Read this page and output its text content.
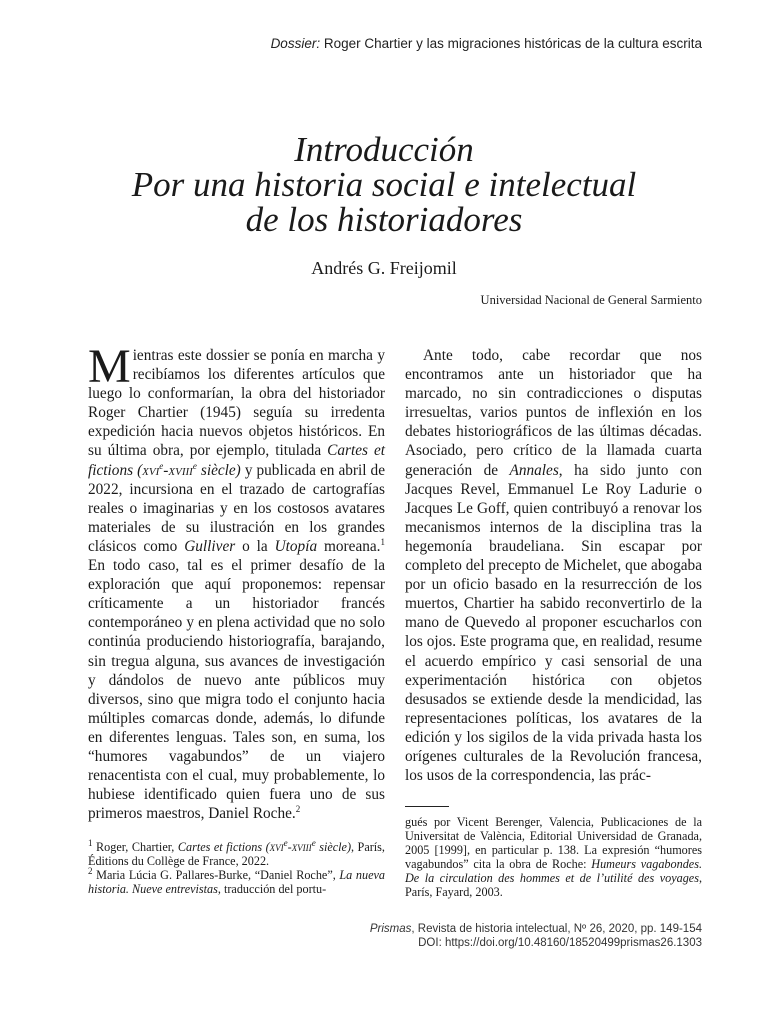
Dossier: Roger Chartier y las migraciones históricas de la cultura escrita
Introducción
Por una historia social e intelectual
de los historiadores
Andrés G. Freijomil
Universidad Nacional de General Sarmiento

Mientras este dossier se ponía en marcha y recibíamos los diferentes artículos que luego lo conformarían, la obra del historiador Roger Chartier (1945) seguía su irredenta expedición hacia nuevos objetos históricos. En su última obra, por ejemplo, titulada Cartes et fictions (xvi$^e$-xviii$^e$ siècle) y publicada en abril de 2022, incursiona en el trazado de cartografías reales o imaginarias y en los costosos avatares materiales de su ilustración en los grandes clásicos como Gulliver o la Utopía moreana.$^1$ En todo caso, tal es el primer desafío de la exploración que aquí proponemos: repensar críticamente a un historiador francés contemporáneo y en plena actividad que no solo continúa produciendo historiografía, barajando, sin tregua alguna, sus avances de investigación y dándolos de nuevo ante públicos muy diversos, sino que migra todo el conjunto hacia múltiples comarcas donde, además, lo difunde en diferentes lenguas. Tales son, en suma, los “humores vagabundos” de un viajero renacentista con el cual, muy probablemente, lo hubiese identificado quien fuera uno de sus primeros maestros, Daniel Roche.$^2$

Ante todo, cabe recordar que nos encontramos ante un historiador que ha marcado, no sin contradicciones o disputas irresueltas, varios puntos de inflexión en los debates historiográficos de las últimas décadas. Asociado, pero crítico de la llamada cuarta generación de Annales, ha sido junto con Jacques Revel, Emmanuel Le Roy Ladurie o Jacques Le Goff, quien contribuyó a renovar los mecanismos internos de la disciplina tras la hegemonía braudeliana. Sin escapar por completo del precepto de Michelet, que abogaba por un oficio basado en la resurrección de los muertos, Chartier ha sabido reconvertirlo de la mano de Quevedo al proponer escucharlos con los ojos. Este programa que, en realidad, resume el acuerdo empírico y casi sensorial de una experimentación histórica con objetos desusados se extiende desde la mendicidad, las representaciones políticas, los avatares de la edición y los sigilos de la vida privada hasta los orígenes culturales de la Revolución francesa, los usos de la correspondencia, las prác-

$^1$ Roger, Chartier, Cartes et fictions (xvi$^e$-xviii$^e$ siècle), París, Éditions du Collège de France, 2022.

$^2$ Maria Lúcia G. Pallares-Burke, “Daniel Roche”, La nueva historia. Nueve entrevistas, traducción del portu-

gués por Vicent Berenger, Valencia, Publicaciones de la Universitat de València, Editorial Universidad de Granada, 2005 [1999], en particular p. 138. La expresión “humores vagabundos” cita la obra de Roche: Humeurs vagabondes. De la circulation des hommes et de l’utilité des voyages, París, Fayard, 2003.

Prismas, Revista de historia intelectual, Nº 26, 2020, pp. 149-154
DOI: https://doi.org/10.48160/18520499prismas26.1303
